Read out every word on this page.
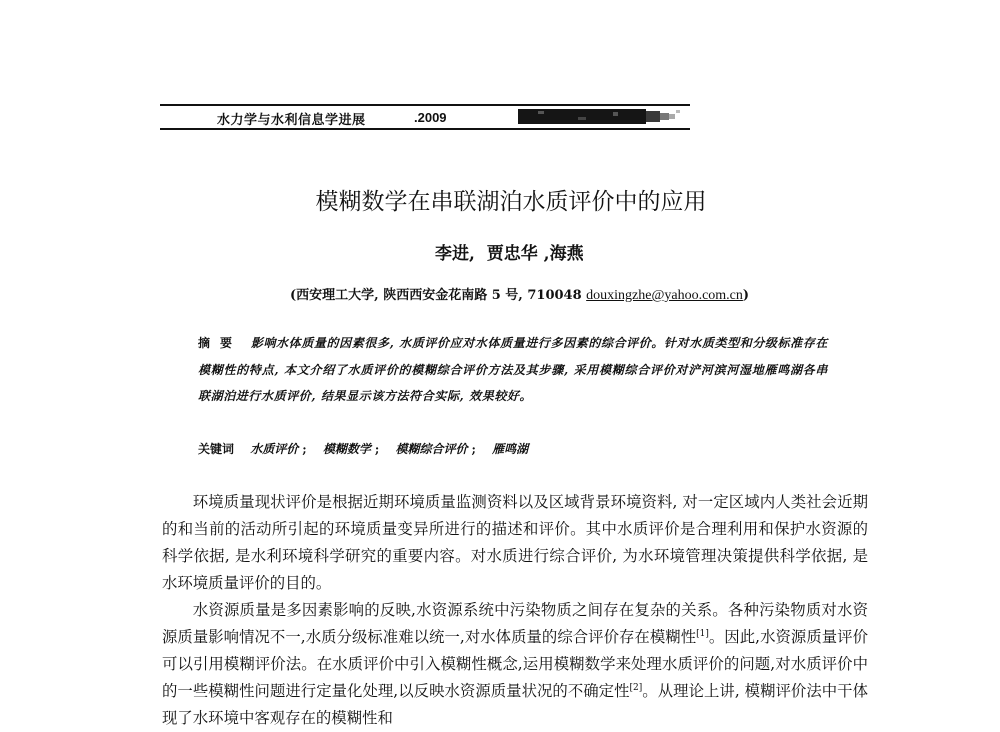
水力学与水利信息学进展	.2009
模糊数学在串联湖泊水质评价中的应用
李进,  贾忠华 ,海燕
(西安理工大学, 陕西西安金花南路 5 号, 710048 douxingzhe@yahoo.com.cn)
摘要 影响水体质量的因素很多, 水质评价应对水体质量进行多因素的综合评价。针对水质类型和分级标准存在模糊性的特点, 本文介绍了水质评价的模糊综合评价方法及其步骤, 采用模糊综合评价对浐河滨河湿地雁鸣湖各串联湖泊进行水质评价, 结果显示该方法符合实际, 效果较好。
关键词 水质评价 ; 模糊数学 ; 模糊综合评价 ; 雁鸣湖

环境质量现状评价是根据近期环境质量监测资料以及区域背景环境资料, 对一定区域内人类社会近期的和当前的活动所引起的环境质量变异所进行的描述和评价。其中水质评价是合理利用和保护水资源的科学依据, 是水利环境科学研究的重要内容。对水质进行综合评价, 为水环境管理决策提供科学依据, 是水环境质量评价的目的。

水资源质量是多因素影响的反映,水资源系统中污染物质之间存在复杂的关系。各种污染物质对水资源质量影响情况不一,水质分级标准难以统一,对水体质量的综合评价存在模糊性[1]。因此,水资源质量评价可以引用模糊评价法。在水质评价中引入模糊性概念,运用模糊数学来处理水质评价的问题,对水质评价中的一些模糊性问题进行定量化处理,以反映水资源质量状况的不确定性[2]。从理论上讲, 模糊评价法中干体现了水环境中客观存在的模糊性和
